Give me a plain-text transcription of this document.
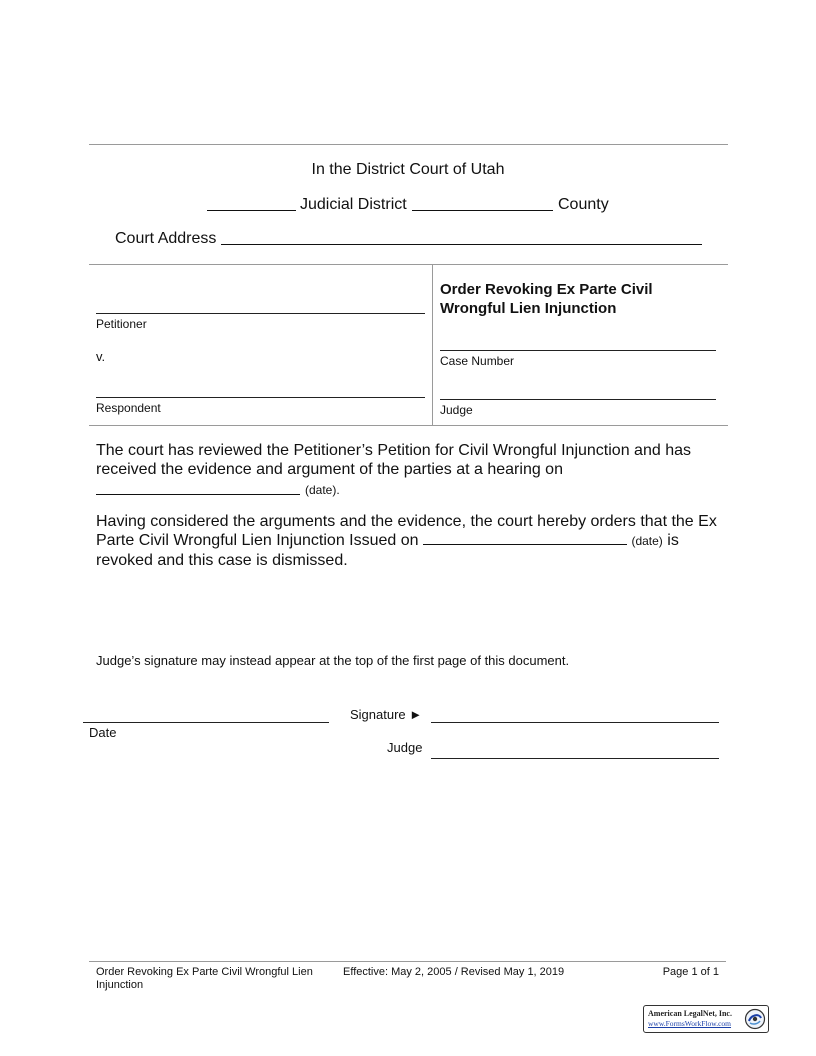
In the District Court of Utah
Judicial District	County
Court Address
Petitioner
v.
Respondent
Order Revoking Ex Parte Civil
Wrongful Lien Injunction
Case Number
Judge
The court has reviewed the Petitioner’s Petition for Civil Wrongful Injunction and has received the evidence and argument of the parties at a hearing on
(date).
Having considered the arguments and the evidence, the court hereby orders that the Ex Parte Civil Wrongful Lien Injunction Issued on	(date) is
revoked and this case is dismissed.
Judge’s signature may instead appear at the top of the first page of this document.
Date
Signature ►
Judge
Order Revoking Ex Parte Civil Wrongful Lien Injunction
Effective: May 2, 2005 / Revised May 1, 2019	Page 1 of 1
American LegalNet, Inc.
www.FormsWorkFlow.com
